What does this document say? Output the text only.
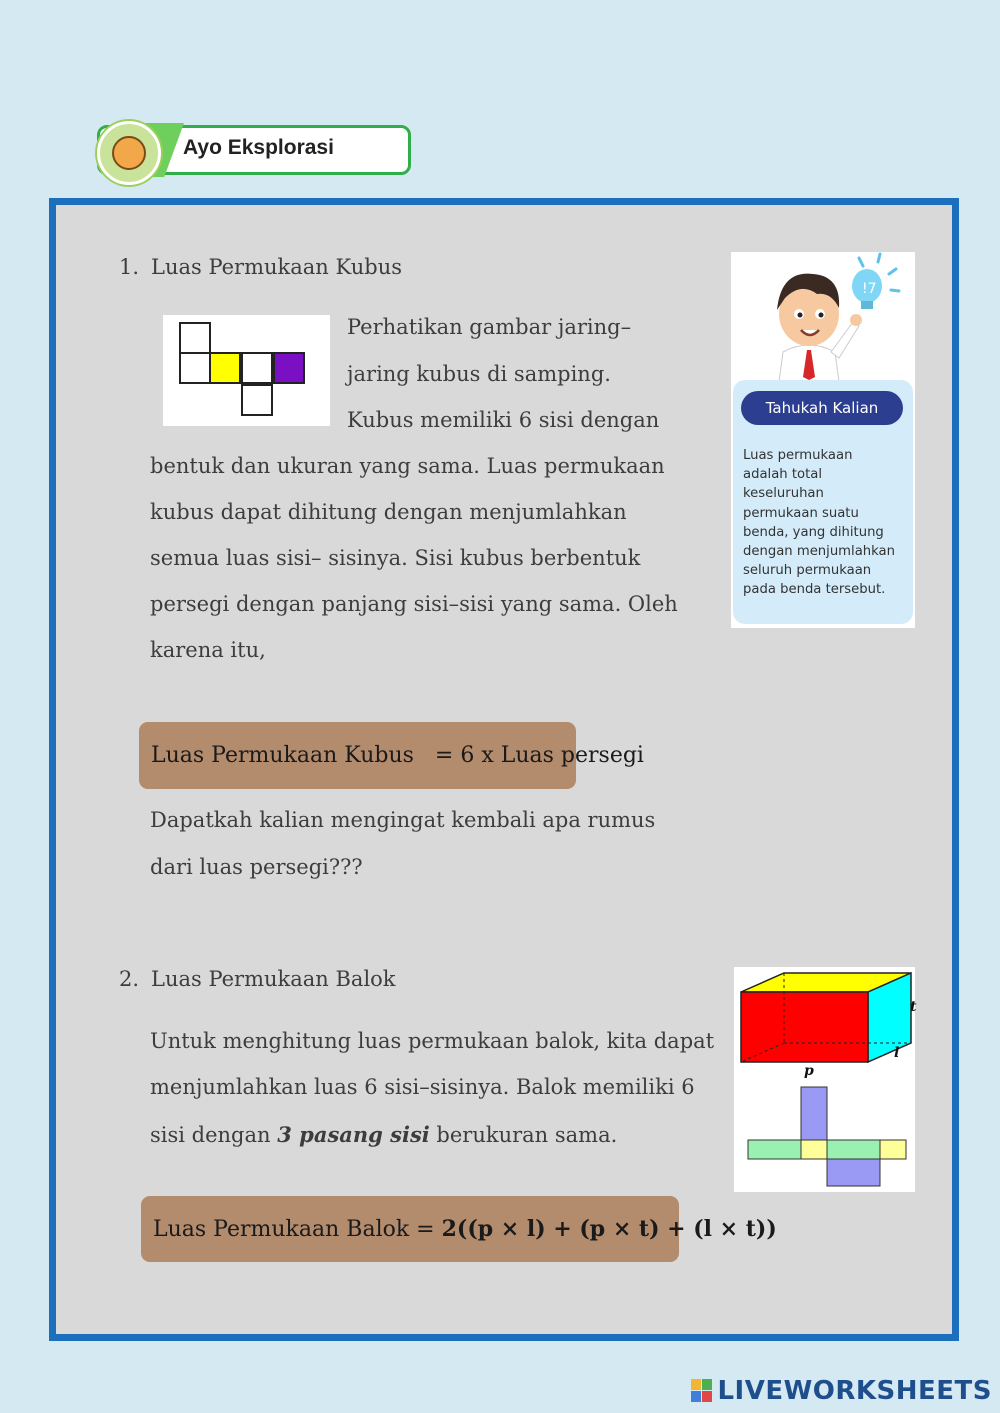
Ayo Eksplorasi
1. Luas Permukaan Kubus
Perhatikan gambar jaring–
jaring kubus di samping.
Kubus memiliki 6 sisi dengan
bentuk dan ukuran yang sama. Luas permukaan
kubus dapat dihitung dengan menjumlahkan
semua luas sisi– sisinya. Sisi kubus berbentuk
persegi dengan panjang sisi–sisi yang sama. Oleh
karena itu,
Luas Permukaan Kubus   = 6 x Luas persegi
Dapatkah kalian mengingat kembali apa rumus
dari luas persegi???
!7
Tahukah Kalian
Luas permukaan
adalah total
keseluruhan
permukaan suatu
benda, yang dihitung
dengan menjumlahkan
seluruh permukaan
pada benda tersebut.
2. Luas Permukaan Balok
Untuk menghitung luas permukaan balok, kita dapat
menjumlahkan luas 6 sisi–sisinya. Balok memiliki 6
sisi dengan 3 pasang sisi berukuran sama.
Luas Permukaan Balok = 2((p × l) + (p × t) + (l × t))
p
l
t
LIVEWORKSHEETS
